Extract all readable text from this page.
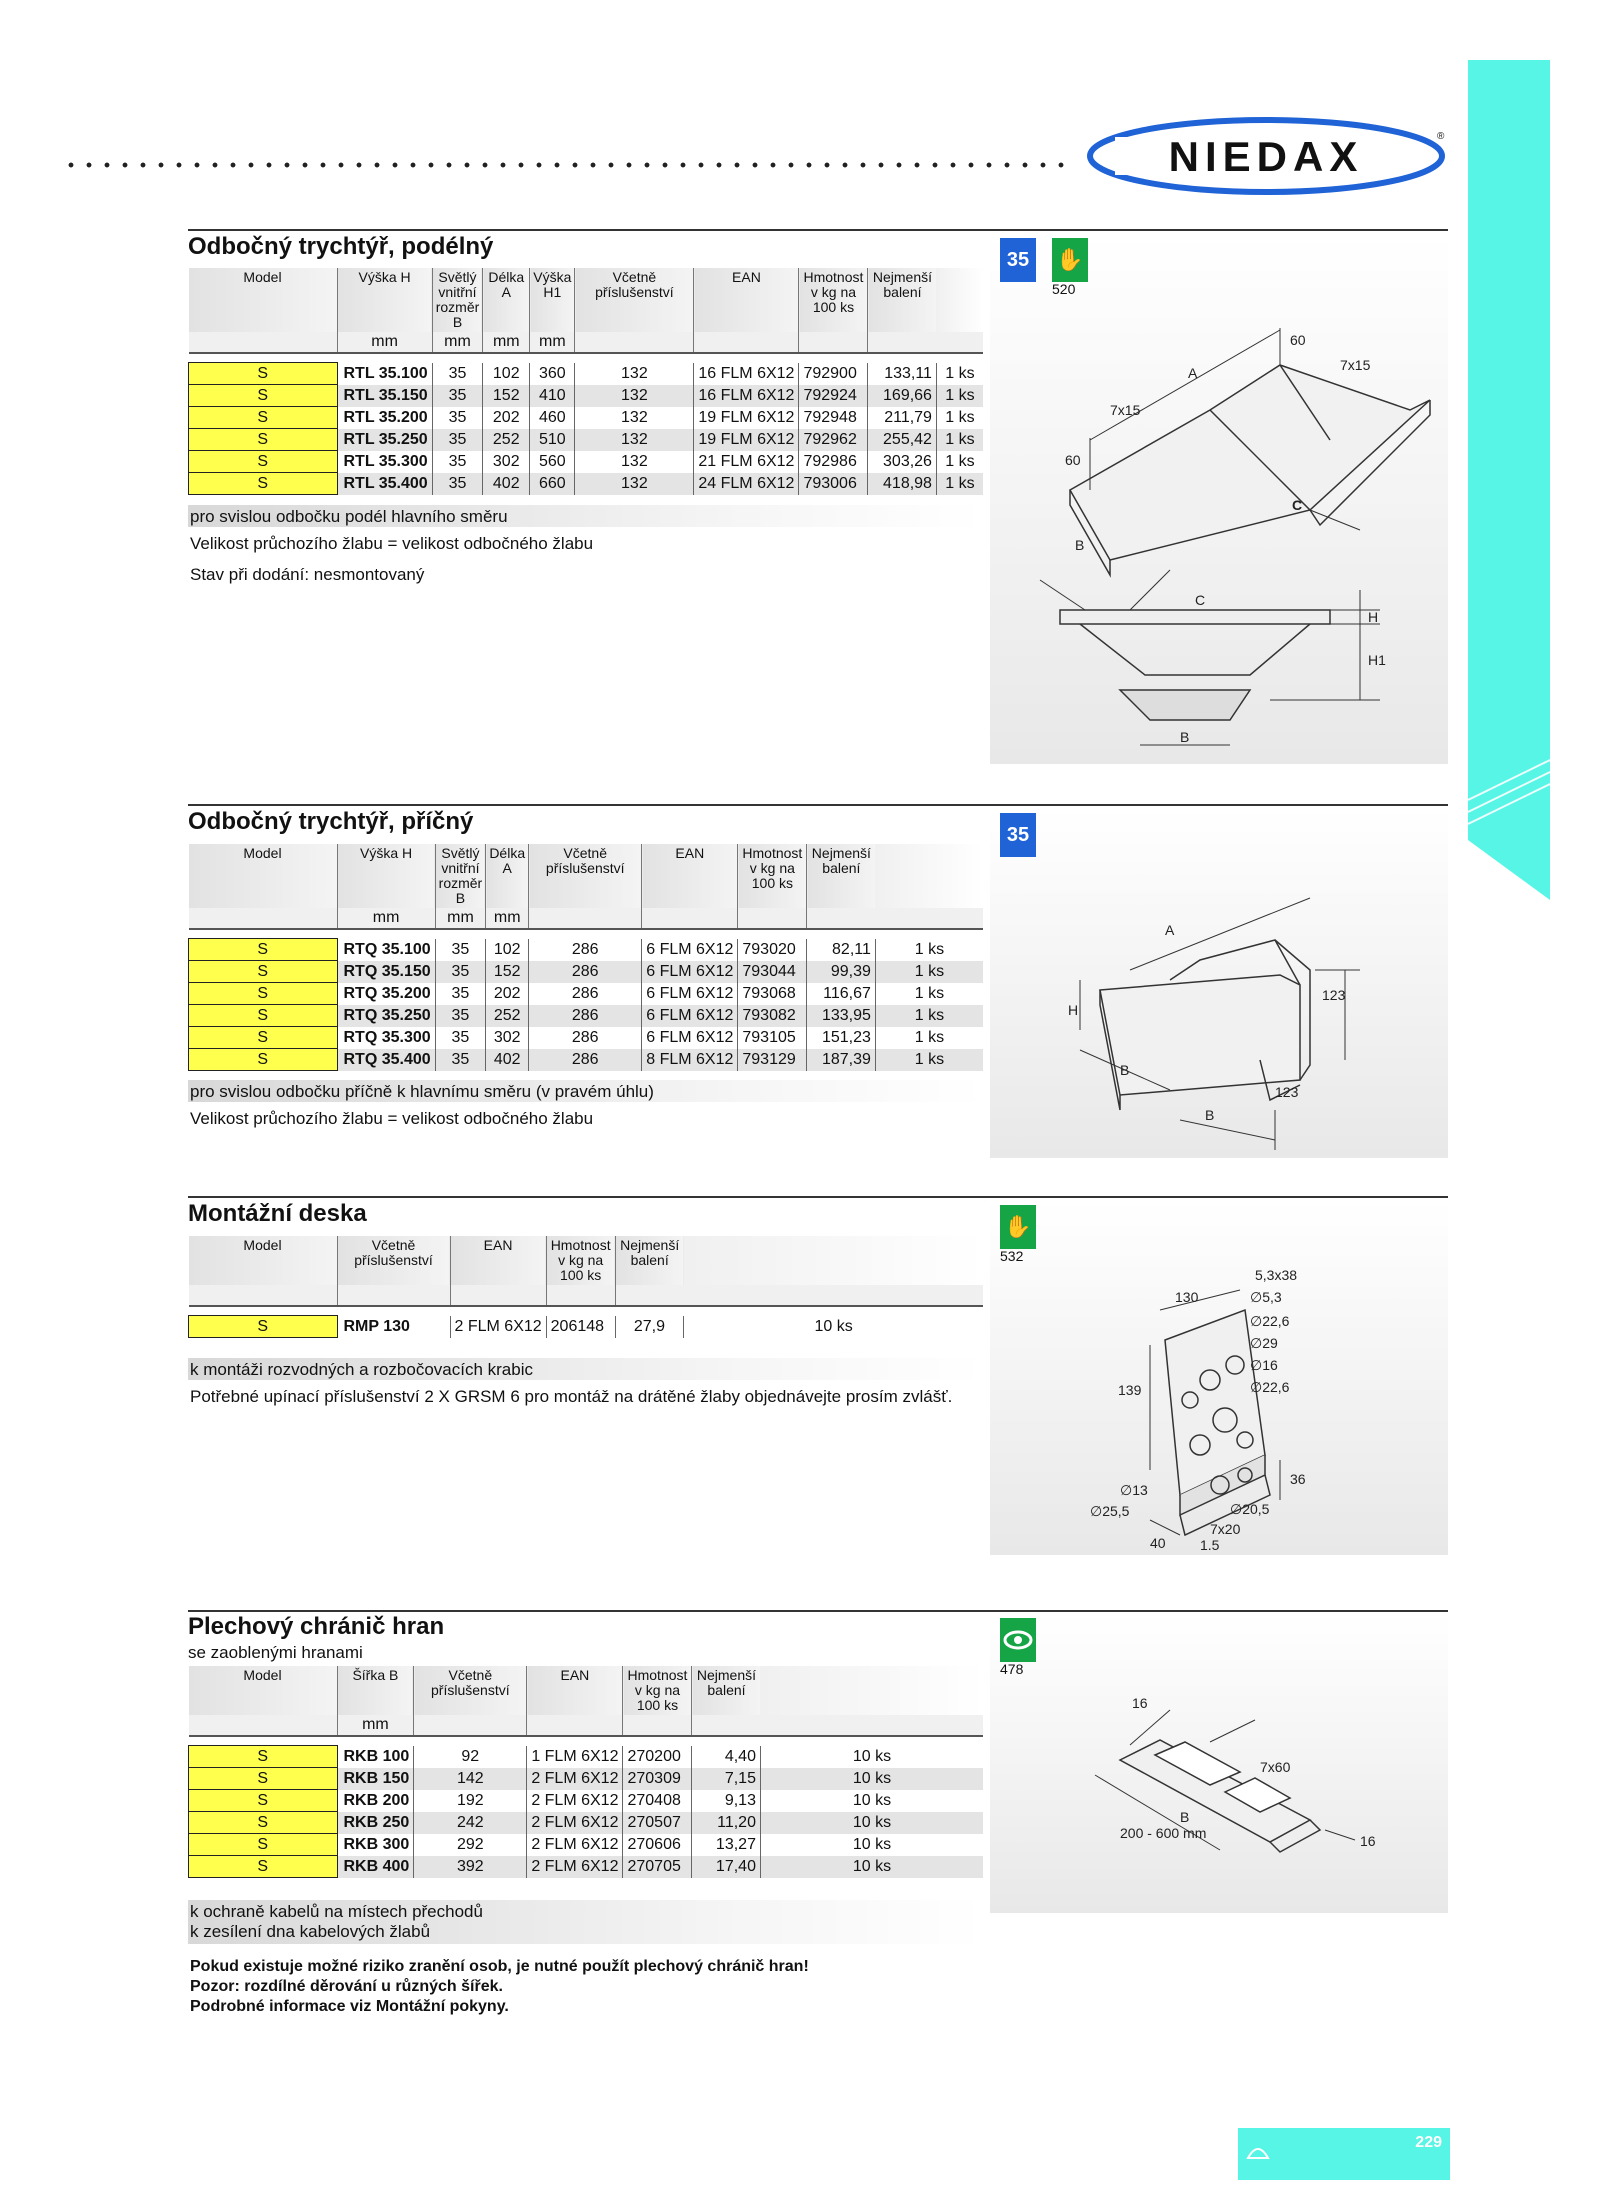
NIEDAX	®
Odbočný trychtýř, podélný
Model	Výška H	Světlý vnitřní rozměr B	Délka A	Výška H1	Včetně příslušenství	EAN	Hmotnost v kg na 100 ks	Nejmenší balení	
	mm	mm	mm	mm					

S	RTL 35.100	35	102	360	132	16 FLM 6X12	792900	133,11	1 ks
S	RTL 35.150	35	152	410	132	16 FLM 6X12	792924	169,66	1 ks
S	RTL 35.200	35	202	460	132	19 FLM 6X12	792948	211,79	1 ks
S	RTL 35.250	35	252	510	132	19 FLM 6X12	792962	255,42	1 ks
S	RTL 35.300	35	302	560	132	21 FLM 6X12	792986	303,26	1 ks
S	RTL 35.400	35	402	660	132	24 FLM 6X12	793006	418,98	1 ks
pro svislou odbočku podél hlavního směru
Velikost průchozího žlabu = velikost odbočného žlabu
Stav při dodání: nesmontovaný
35	✋
520
A
60
7x15
7x15
60
B
C
C
H
H1
B
Odbočný trychtýř, příčný
Model	Výška H	Světlý vnitřní rozměr B	Délka A	Včetně příslušenství	EAN	Hmotnost v kg na 100 ks	Nejmenší balení	
	mm	mm	mm					

S	RTQ 35.100	35	102	286	6 FLM 6X12	793020	82,11	1 ks
S	RTQ 35.150	35	152	286	6 FLM 6X12	793044	99,39	1 ks
S	RTQ 35.200	35	202	286	6 FLM 6X12	793068	116,67	1 ks
S	RTQ 35.250	35	252	286	6 FLM 6X12	793082	133,95	1 ks
S	RTQ 35.300	35	302	286	6 FLM 6X12	793105	151,23	1 ks
S	RTQ 35.400	35	402	286	8 FLM 6X12	793129	187,39	1 ks
pro svislou odbočku příčně k hlavnímu směru (v pravém úhlu)
Velikost průchozího žlabu = velikost odbočného žlabu
35
A
H
B
123
123
B
Montážní deska
Model	Včetně příslušenství	EAN	Hmotnost v kg na 100 ks	Nejmenší balení	

S	RMP 130	2 FLM 6X12	206148	27,9	10 ks
k montáži rozvodných a rozbočovacích krabic
Potřebné upínací příslušenství 2 X GRSM 6 pro montáž na drátěné žlaby objednávejte prosím zvlášť.
✋
532
5,3x38
130	∅5,3
∅22,6
∅29
∅16
∅22,6
139
36
∅13
∅25,5	∅20,5
7x20
40 1.5
Plechový chránič hran
se zaoblenými hranami
Model	Šířka B	Včetně příslušenství	EAN	Hmotnost v kg na 100 ks	Nejmenší balení	
	mm					

S	RKB 100	92	1 FLM 6X12	270200	4,40	10 ks
S	RKB 150	142	2 FLM 6X12	270309	7,15	10 ks
S	RKB 200	192	2 FLM 6X12	270408	9,13	10 ks
S	RKB 250	242	2 FLM 6X12	270507	11,20	10 ks
S	RKB 300	292	2 FLM 6X12	270606	13,27	10 ks
S	RKB 400	392	2 FLM 6X12	270705	17,40	10 ks
k ochraně kabelů na místech přechodů
k zesílení dna kabelových žlabů
Pokud existuje možné riziko zranění osob, je nutné použít plechový chránič hran!
Pozor: rozdílné děrování u různých šířek.
Podrobné informace viz Montážní pokyny.
478
16
7x60
B
200 - 600 mm	16
229
